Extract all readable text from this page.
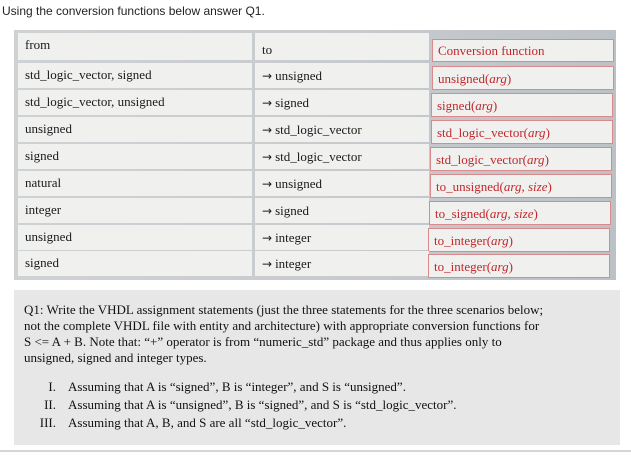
Using the conversion functions below answer Q1.
from	to	Conversion function
std_logic_vector, signed	→ unsigned	unsigned(arg)
std_logic_vector, unsigned	→ signed	signed(arg)
unsigned	→ std_logic_vector	std_logic_vector(arg)
signed	→ std_logic_vector	std_logic_vector(arg)
natural	→ unsigned	to_unsigned(arg, size)
integer	→ signed	to_signed(arg, size)
unsigned	→ integer	to_integer(arg)
signed	→ integer	to_integer(arg)
Q1: Write the VHDL assignment statements (just the three statements for the three scenarios below;
not the complete VHDL file with entity and architecture) with appropriate conversion functions for
S <= A + B. Note that: “+” operator is from “numeric_std” package and thus applies only to
unsigned, signed and integer types.
I. Assuming that A is “signed”, B is “integer”, and S is “unsigned”.
II. Assuming that A is “unsigned”, B is “signed”, and S is “std_logic_vector”.
III. Assuming that A, B, and S are all “std_logic_vector”.
